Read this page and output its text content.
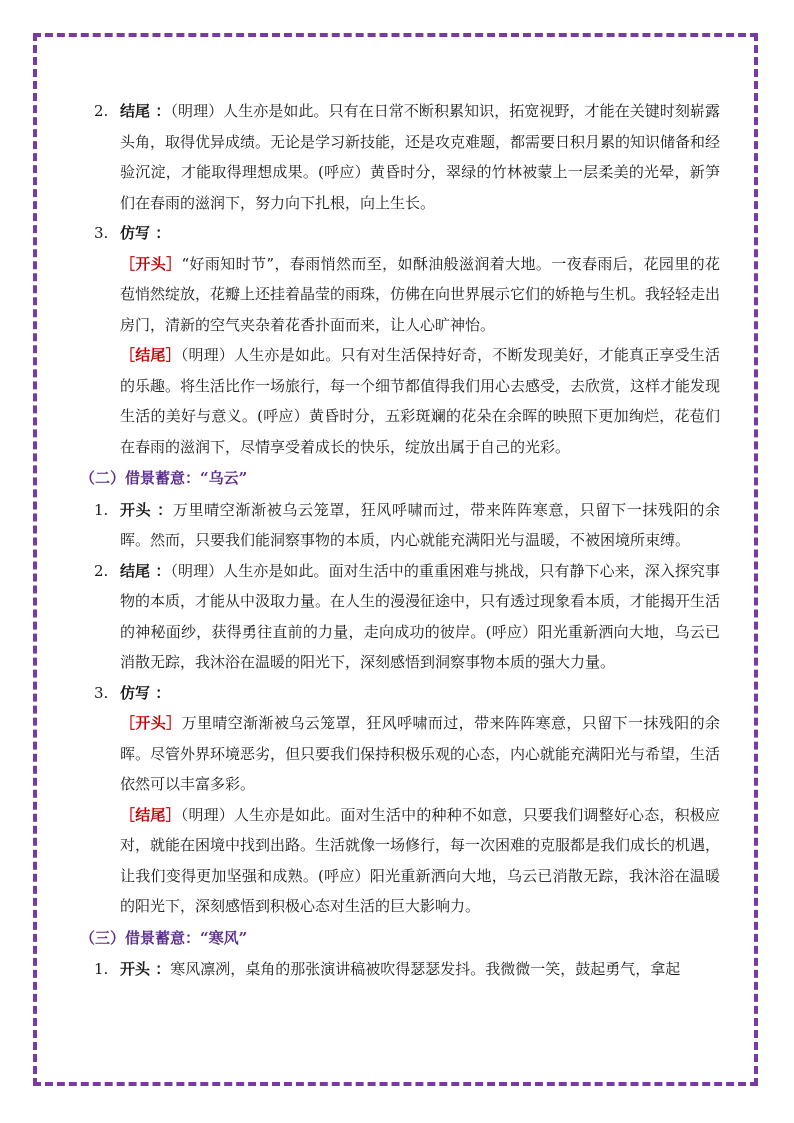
2. 结尾 ：（明理）人生亦是如此。只有在日常不断积累知识，拓宽视野，才能在关键时刻崭露头角，取得优异成绩。无论是学习新技能，还是攻克难题，都需要日积月累的知识储备和经验沉淀，才能取得理想成果。(呼应）黄昏时分，翠绿的竹林被蒙上一层柔美的光晕，新笋们在春雨的滋润下，努力向下扎根，向上生长。
3. 仿写 ：
［开头］“好雨知时节”，春雨悄然而至，如酥油般滋润着大地。一夜春雨后，花园里的花苞悄然绽放，花瓣上还挂着晶莹的雨珠，仿佛在向世界展示它们的娇艳与生机。我轻轻走出房门，清新的空气夹杂着花香扑面而来，让人心旷神怡。
［结尾］（明理）人生亦是如此。只有对生活保持好奇，不断发现美好，才能真正享受生活的乐趣。将生活比作一场旅行，每一个细节都值得我们用心去感受，去欣赏，这样才能发现生活的美好与意义。(呼应）黄昏时分，五彩斑斓的花朵在余晖的映照下更加绚烂，花苞们在春雨的滋润下，尽情享受着成长的快乐，绽放出属于自己的光彩。
（二）借景蓄意：“乌云”
1. 开头 ：万里晴空渐渐被乌云笼罩，狂风呼啸而过，带来阵阵寒意，只留下一抹残阳的余晖。然而，只要我们能洞察事物的本质，内心就能充满阳光与温暖，不被困境所束缚。
2. 结尾 ：（明理）人生亦是如此。面对生活中的重重困难与挑战，只有静下心来，深入探究事物的本质，才能从中汲取力量。在人生的漫漫征途中，只有透过现象看本质，才能揭开生活的神秘面纱，获得勇往直前的力量，走向成功的彼岸。(呼应）阳光重新洒向大地，乌云已消散无踪，我沐浴在温暖的阳光下，深刻感悟到洞察事物本质的强大力量。
3. 仿写 ：
［开头］万里晴空渐渐被乌云笼罩，狂风呼啸而过，带来阵阵寒意，只留下一抹残阳的余晖。尽管外界环境恶劣，但只要我们保持积极乐观的心态，内心就能充满阳光与希望，生活依然可以丰富多彩。
［结尾］（明理）人生亦是如此。面对生活中的种种不如意，只要我们调整好心态，积极应对，就能在困境中找到出路。生活就像一场修行，每一次困难的克服都是我们成长的机遇，让我们变得更加坚强和成熟。(呼应）阳光重新洒向大地，乌云已消散无踪，我沐浴在温暖的阳光下，深刻感悟到积极心态对生活的巨大影响力。
（三）借景蓄意：“寒风”
1. 开头 ：寒风凛冽，桌角的那张演讲稿被吹得瑟瑟发抖。我微微一笑，鼓起勇气，拿起
